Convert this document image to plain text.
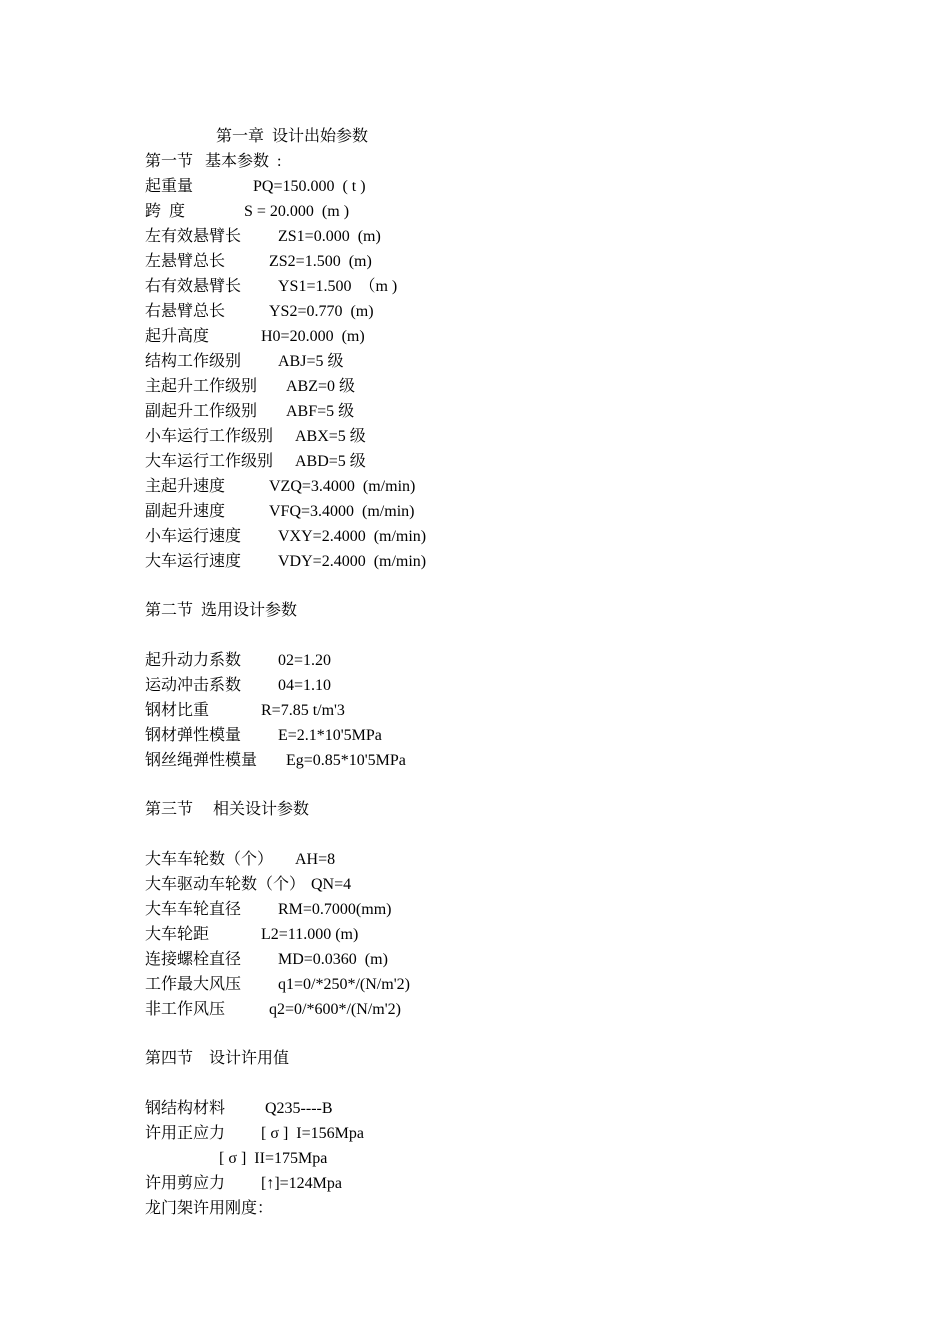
第一章  设计出始参数
第一节   基本参数  :
起重量	PQ=150.000  ( t )
跨  度	S = 20.000  (m )
左有效悬臂长 ZS1=0.000  (m)
左悬臂总长	ZS2=1.500  (m)
右有效悬臂长 YS1=1.500  （m )
右悬臂总长	YS2=0.770  (m)
起升高度	H0=20.000  (m)
结构工作级别 ABJ=5 级
主起升工作级别 ABZ=0 级
副起升工作级别 ABF=5 级
小车运行工作级别 ABX=5 级
大车运行工作级别 ABD=5 级
主起升速度	VZQ=3.4000  (m/min)
副起升速度	VFQ=3.4000  (m/min)
小车运行速度 VXY=2.4000  (m/min)
大车运行速度 VDY=2.4000  (m/min)
第二节  选用设计参数
起升动力系数 02=1.20
运动冲击系数 04=1.10
钢材比重	R=7.85 t/m'3
钢材弹性模量 E=2.1*10'5MPa
钢丝绳弹性模量 Eg=0.85*10'5MPa
第三节     相关设计参数
大车车轮数（个） AH=8
大车驱动车轮数（个） QN=4
大车车轮直径 RM=0.7000(mm)
大车轮距	L2=11.000 (m)
连接螺栓直径 MD=0.0360  (m)
工作最大风压 q1=0/*250*/(N/m'2)
非工作风压	q2=0/*600*/(N/m'2)
第四节    设计许用值
钢结构材料 Q235----B
许用正应力 [ σ ]  I=156Mpa
[ σ ]  II=175Mpa
许用剪应力 [↑]=124Mpa
龙门架许用刚度：
